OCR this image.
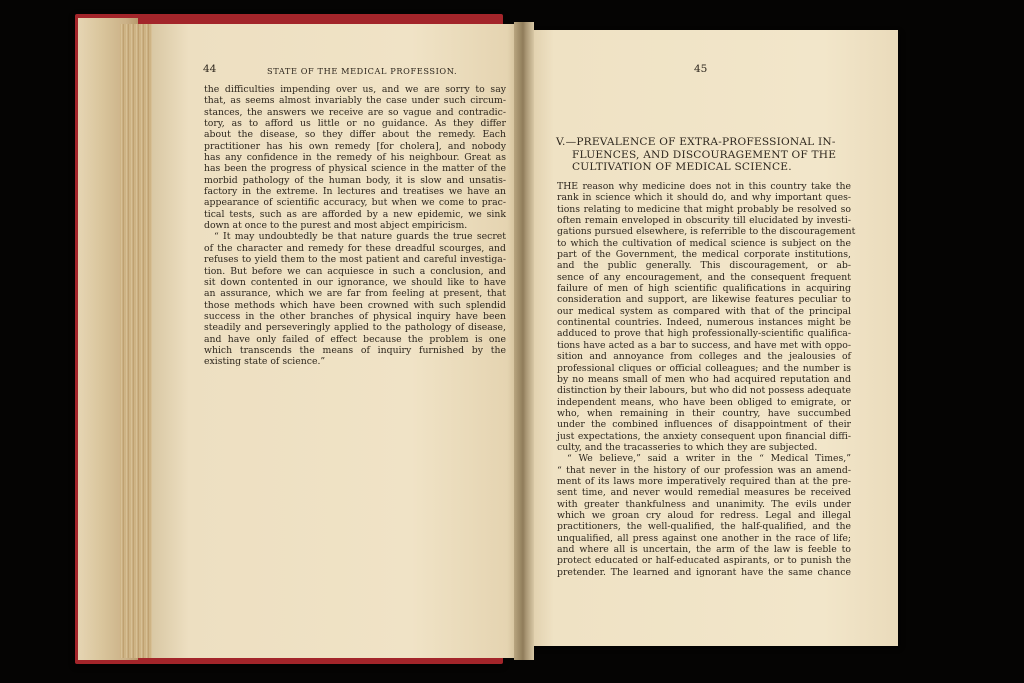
44	STATE OF THE MEDICAL PROFESSION.
the difficulties impending over us, and we are sorry to say
that, as seems almost invariably the case under such circum-
stances, the answers we receive are so vague and contradic-
tory, as to afford us little or no guidance. As they differ
about the disease, so they differ about the remedy. Each
practitioner has his own remedy [for cholera], and nobody
has any confidence in the remedy of his neighbour. Great as
has been the progress of physical science in the matter of the
morbid pathology of the human body, it is slow and unsatis-
factory in the extreme. In lectures and treatises we have an
appearance of scientific accuracy, but when we come to prac-
tical tests, such as are afforded by a new epidemic, we sink
down at once to the purest and most abject empiricism.
“ It may undoubtedly be that nature guards the true secret
of the character and remedy for these dreadful scourges, and
refuses to yield them to the most patient and careful investiga-
tion. But before we can acquiesce in such a conclusion, and
sit down contented in our ignorance, we should like to have
an assurance, which we are far from feeling at present, that
those methods which have been crowned with such splendid
success in the other branches of physical inquiry have been
steadily and perseveringly applied to the pathology of disease,
and have only failed of effect because the problem is one
which transcends the means of inquiry furnished by the
existing state of science.”
45
V.—PREVALENCE OF EXTRA-PROFESSIONAL IN-
FLUENCES, AND DISCOURAGEMENT OF THE
CULTIVATION OF MEDICAL SCIENCE.
THE reason why medicine does not in this country take the
rank in science which it should do, and why important ques-
tions relating to medicine that might probably be resolved so
often remain enveloped in obscurity till elucidated by investi-
gations pursued elsewhere, is referrible to the discouragement
to which the cultivation of medical science is subject on the
part of the Government, the medical corporate institutions,
and the public generally. This discouragement, or ab-
sence of any encouragement, and the consequent frequent
failure of men of high scientific qualifications in acquiring
consideration and support, are likewise features peculiar to
our medical system as compared with that of the principal
continental countries. Indeed, numerous instances might be
adduced to prove that high professionally-scientific qualifica-
tions have acted as a bar to success, and have met with oppo-
sition and annoyance from colleges and the jealousies of
professional cliques or official colleagues; and the number is
by no means small of men who had acquired reputation and
distinction by their labours, but who did not possess adequate
independent means, who have been obliged to emigrate, or
who, when remaining in their country, have succumbed
under the combined influences of disappointment of their
just expectations, the anxiety consequent upon financial diffi-
culty, and the tracasseries to which they are subjected.
“ We believe,” said a writer in the “ Medical Times,”
“ that never in the history of our profession was an amend-
ment of its laws more imperatively required than at the pre-
sent time, and never would remedial measures be received
with greater thankfulness and unanimity. The evils under
which we groan cry aloud for redress. Legal and illegal
practitioners, the well-qualified, the half-qualified, and the
unqualified, all press against one another in the race of life;
and where all is uncertain, the arm of the law is feeble to
protect educated or half-educated aspirants, or to punish the
pretender. The learned and ignorant have the same chance
